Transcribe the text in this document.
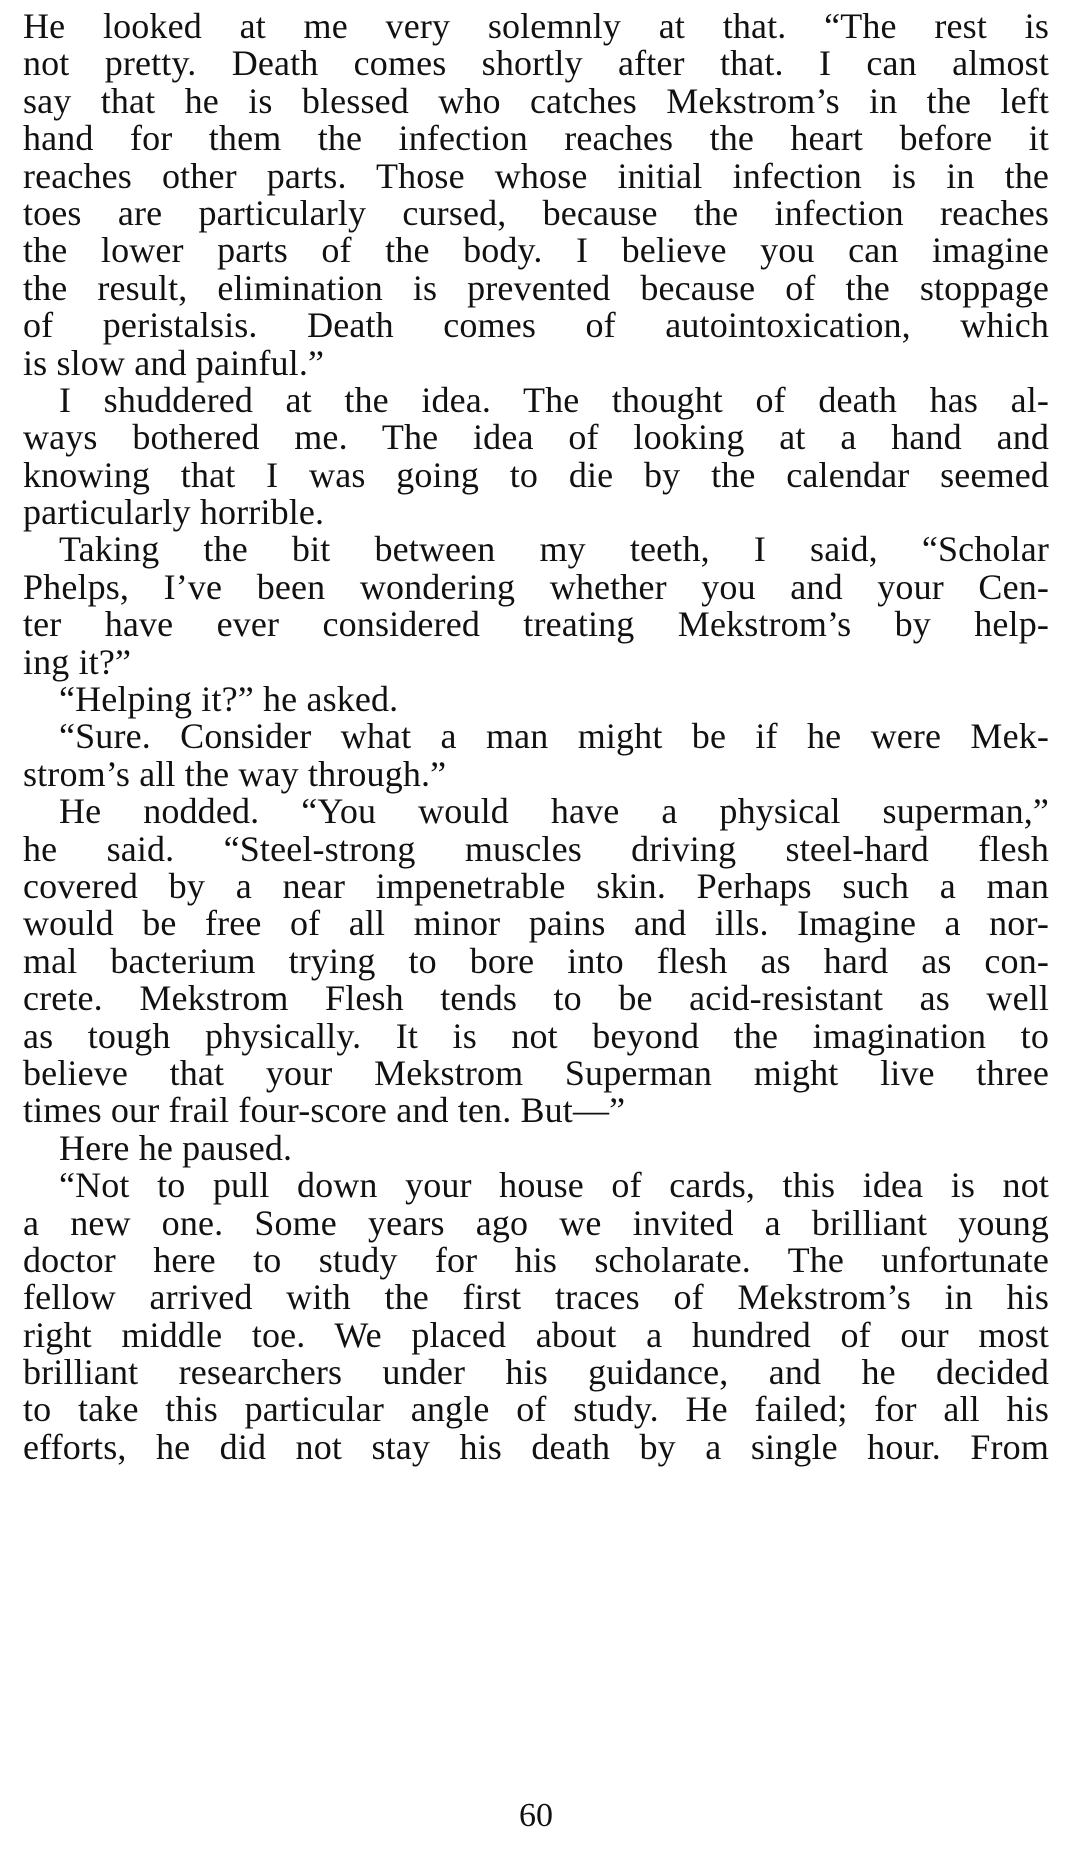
He looked at me very solemnly at that. “The rest is
not pretty. Death comes shortly after that. I can almost
say that he is blessed who catches Mekstrom’s in the left
hand for them the infection reaches the heart before it
reaches other parts. Those whose initial infection is in the
toes are particularly cursed, because the infection reaches
the lower parts of the body. I believe you can imagine
the result, elimination is prevented because of the stoppage
of peristalsis. Death comes of autointoxication, which
is slow and painful.”
I shuddered at the idea. The thought of death has al-
ways bothered me. The idea of looking at a hand and
knowing that I was going to die by the calendar seemed
particularly horrible.
Taking the bit between my teeth, I said, “Scholar
Phelps, I’ve been wondering whether you and your Cen-
ter have ever considered treating Mekstrom’s by help-
ing it?”
“Helping it?” he asked.
“Sure. Consider what a man might be if he were Mek-
strom’s all the way through.”
He nodded. “You would have a physical superman,”
he said. “Steel-strong muscles driving steel-hard flesh
covered by a near impenetrable skin. Perhaps such a man
would be free of all minor pains and ills. Imagine a nor-
mal bacterium trying to bore into flesh as hard as con-
crete. Mekstrom Flesh tends to be acid-resistant as well
as tough physically. It is not beyond the imagination to
believe that your Mekstrom Superman might live three
times our frail four-score and ten. But—”
Here he paused.
“Not to pull down your house of cards, this idea is not
a new one. Some years ago we invited a brilliant young
doctor here to study for his scholarate. The unfortunate
fellow arrived with the first traces of Mekstrom’s in his
right middle toe. We placed about a hundred of our most
brilliant researchers under his guidance, and he decided
to take this particular angle of study. He failed; for all his
efforts, he did not stay his death by a single hour. From
60
